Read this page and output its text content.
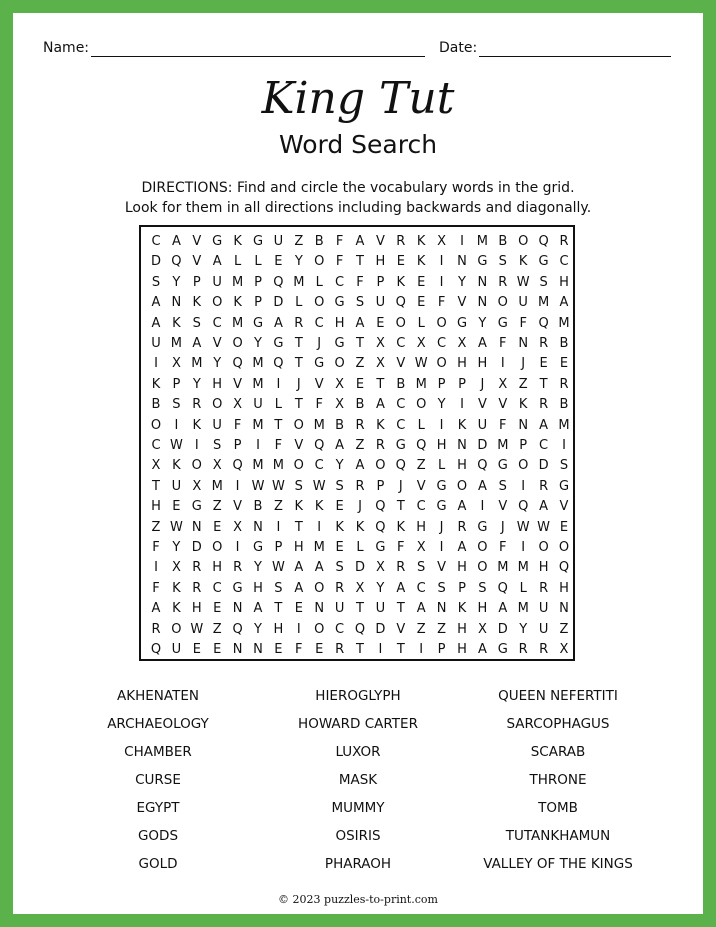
Name:	Date:
King Tut
Word Search
DIRECTIONS: Find and circle the vocabulary words in the grid.
Look for them in all directions including backwards and diagonally.
C A V G K G U Z B F A V R K X	I M B O Q R
D Q V A L	L E Y O F T H E K	I	N G S K G C
S Y P U M P Q M L C F P K E	I	Y N R W S H
A N K O K P D L O G S U Q E F V N O U M A
A K S C M G A R C H A E O L O G Y G F Q M
U M A V O Y G T	J	G T X C X C X A F N R B
I	X M Y Q M Q T G O Z X V W O H H	I	J	E E
K P Y H V M I	J	V X E T B M P P	J	X Z T R
B S R O X U L T F X B A C O Y	I	V V K R B
O	I	K U F M T O M B R K C L	I	K U F N A M
C W I	S P	I	F V Q A Z R G Q H N D M P C	I
X K O X Q M M O C Y A O Q Z L H Q G O D S
T U X M I W W S W S R P	J	V G O A S	I	R G
H E G Z V B Z K K E	J	Q T C G A	I	V Q A V
Z W N E X N	I	T	I	K K Q K H	J	R G	J W W E
F Y D O	I	G P H M E L G F X	I	A O F	I	O O
I	X R H R Y W A A S D X R S V H O M M H Q
F K R C G H S A O R X Y A C S P S Q L R H
A K H E N A T E N U T U T A N K H A M U N
R O W Z Q Y H	I	O C Q D V Z Z H X D Y U Z
Q U E E N N E F E R T	I	T	I	P H A G R R X
AKHENATEN	HIEROGLYPH	QUEEN NEFERTITI
ARCHAEOLOGY	HOWARD CARTER	SARCOPHAGUS
CHAMBER	LUXOR	SCARAB
CURSE	MASK	THRONE
EGYPT	MUMMY	TOMB
GODS	OSIRIS	TUTANKHAMUN
GOLD	PHARAOH	VALLEY OF THE KINGS
© 2023 puzzles-to-print.com
